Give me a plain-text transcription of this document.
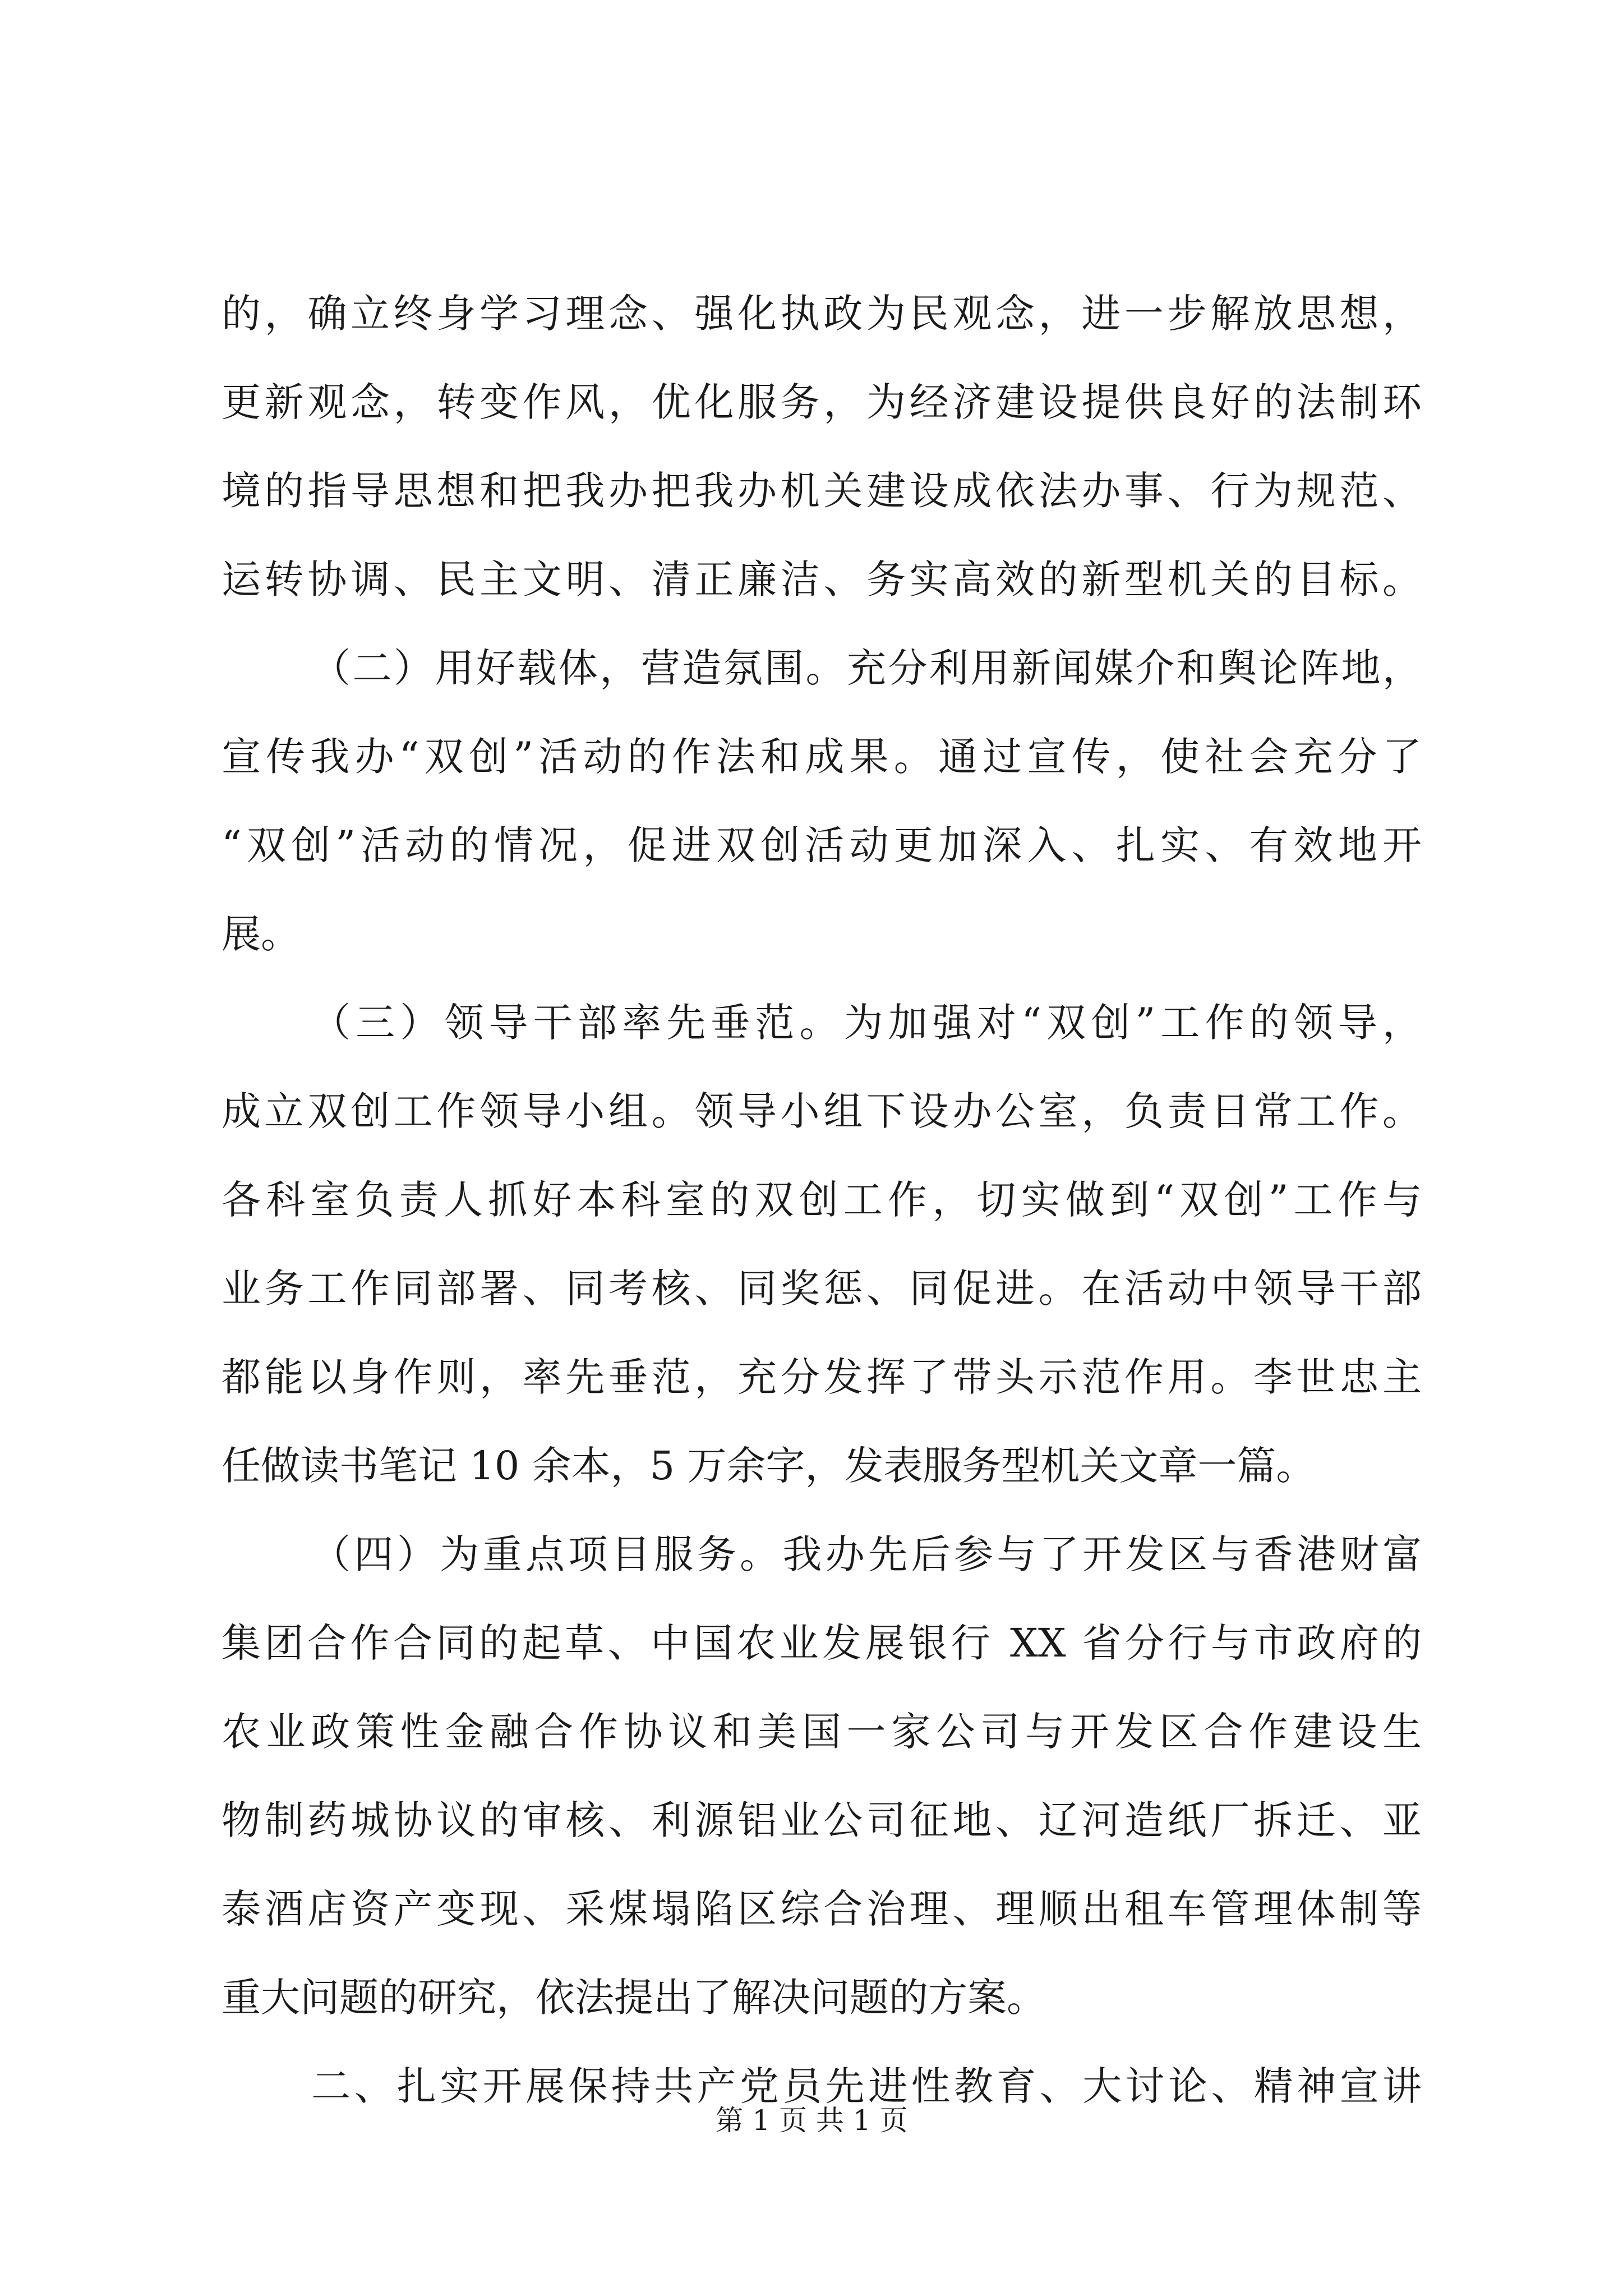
的，确立终身学习理念、强化执政为民观念，进一步解放思想，
更新观念，转变作风，优化服务，为经济建设提供良好的法制环
境的指导思想和把我办把我办机关建设成依法办事、行为规范、
运转协调、民主文明、清正廉洁、务实高效的新型机关的目标。
（二）用好载体，营造氛围。充分利用新闻媒介和舆论阵地，
宣传我办“双创”活动的作法和成果。通过宣传，使社会充分了
“双创”活动的情况，促进双创活动更加深入、扎实、有效地开
展。
（三）领导干部率先垂范。为加强对“双创”工作的领导，
成立双创工作领导小组。领导小组下设办公室，负责日常工作。
各科室负责人抓好本科室的双创工作，切实做到“双创”工作与
业务工作同部署、同考核、同奖惩、同促进。在活动中领导干部
都能以身作则，率先垂范，充分发挥了带头示范作用。李世忠主
任做读书笔记 10 余本，5 万余字，发表服务型机关文章一篇。
（四）为重点项目服务。我办先后参与了开发区与香港财富
集团合作合同的起草、中国农业发展银行 XX 省分行与市政府的
农业政策性金融合作协议和美国一家公司与开发区合作建设生
物制药城协议的审核、利源铝业公司征地、辽河造纸厂拆迁、亚
泰酒店资产变现、采煤塌陷区综合治理、理顺出租车管理体制等
重大问题的研究，依法提出了解决问题的方案。
二、扎实开展保持共产党员先进性教育、大讨论、精神宣讲
第 1 页 共 1 页
